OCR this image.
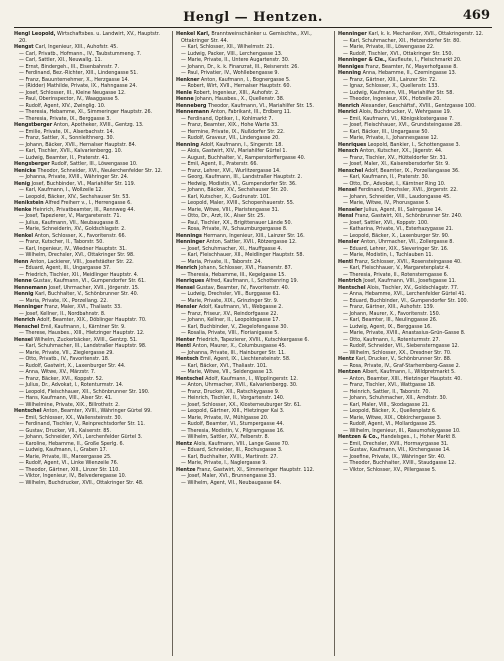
Hengl — Hentzen.	469
Hengl Leopold, Wirtschaftsbes. u. Landwirt, XV., Hauptstr. 20.
Hengst Carl, Ingenieur, XIII., Auhofstr. 45.
— Carl, Privatb., Hofmann., IV., Taubstummeng. 7.
— Carl, Sattler, XII., Neuwallg. 11.
— Ernst, Bindergeh., III., Eisenbahnstr. 7.
— Ferdinand, Bez.-Richter, XIII., Lindengasse 51.
— Franz, Bauunternehmer, X., Herzgasse 14.
— (Ridder) Mathilde, Private, IX., Hahngasse 24.
— Josef, Schlosser, III., Kleine Neugasse 12.
— Paul, Oberinspector, IV., Waaggasse 5.
— Rudolf, Agent, XIV., Zwinglig. 10.
— Theresia, Hebamme, XI., Simmeringer Hauptstr. 26.
— Theresia, Private, IX., Berggasse 3.
Hengstberger Anton, Apotheker, XVIII., Gentzg. 13.
— Emilie, Private, IX., Alserbachstr. 14.
— Franz, Sattler, X., Sonnleithnerg. 30.
— Johann, Bäcker, XVII., Hernalser Hauptstr. 84.
— Karl, Tischler, XVII., Kalvarienbergg. 10.
— Ludwig, Beamter, II., Praterstr. 41.
Hengsberger Rudolf, Sattler, III., Löwengasse 10.
Henicke Theodor, Schneider, XVI., Neulerchenfelder Str. 12.
— Johanna, Private, XVIII., Währinger Str. 24.
Henig Josef, Buchbinder, VI., Mariahilfer Str. 119.
— Karl, Kaufmann, I., Wollzeile 12.
— Leopold, Bäcker, XIV., Sechshauser Str. 53.
Henikstein Alfred Freiherr v., I., Herrengasse 6.
Henke Heinrich, Privatbeamter, III., Rennweg 44.
— Josef, Tapezierer, V., Margaretenstr. 71.
— Julius, Kaufmann, VII., Neubaugasse 8.
— Marie, Schneiderin, XV., Goldschlagstr. 2.
Henkel Anton, Schlosser, X., Favoritenstr. 66.
— Franz, Kutscher, II., Taborstr. 50.
— Karl, Ingenieur, IV., Wiedner Hauptstr. 31.
— Wilhelm, Drechsler, XVI., Ottakringer Str. 98.
Henn Anton, Lackierer, VIII., Josefstädter Str. 22.
— Eduard, Agent, III., Ungargasse 37.
— Friedrich, Tischler, XII., Meidlinger Hauptstr. 4.
Henne Gustav, Kaufmann, VI., Gumpendorfer Str. 61.
Hennemann Josef, Uhrmacher, XVII., Jörgerstr. 15.
Hennig Karl, Buchhalter, V., Schönbrunner Str. 40.
— Maria, Private, IX., Porzellang. 22.
Henninger Franz, Maler, XVI., Thaliastr. 33.
— Josef, Kellner, II., Nordbahnstr. 8.
Henrich Adolf, Beamter, XIX., Döblinger Hauptstr. 70.
Henschel Emil, Kaufmann, I., Kärntner Str. 9.
— Therese, Hausbes., XIII., Hietzinger Hauptstr. 12.
Hensel Wilhelm, Zuckerbäcker, XVIII., Gentzg. 51.
— Karl, Schuhmacher, III., Landstraßer Hauptstr. 98.
— Marie, Private, VII., Zieglergasse 29.
— Otto, Privatb., IV., Favoritenstr. 18.
— Rudolf, Gastwirt, X., Laxenburger Str. 44.
— Anna, Witwe, XV., Märzstr. 7.
— Franz, Bäcker, XVI., Koppstr. 52.
— Julius, Dr., Advokat, I., Rotenturmstr. 14.
— Leopold, Fleischhauer, XII., Schönbrunner Str. 190.
— Hans, Kaufmann, VIII., Alser Str. 41.
— Wilhelmine, Private, XIX., Billrothstr. 2.
Hentschel Anton, Beamter, XVIII., Währinger Gürtel 99.
— Emil, Schlosser, XX., Wallensteinstr. 30.
— Ferdinand, Tischler, V., Reinprechtsdorfer Str. 11.
— Gustav, Drucker, VII., Kaiserstr. 85.
— Johann, Schneider, XVI., Lerchenfelder Gürtel 3.
— Karoline, Hebamme, II., Große Sperlg. 6.
— Ludwig, Kaufmann, I., Graben 17.
— Marie, Private, III., Marxergasse 25.
— Rudolf, Agent, VI., Linke Wienzeile 76.
— Theodor, Gärtner, XIII., Linzer Str. 110.
— Viktor, Ingenieur, IV., Belvederegasse 10.
— Wilhelm, Buchdrucker, XVII., Ottakringer Str. 48.
Henkel Karl, Branntweinschänker u. Gemischtw., XVI., Ottakringer Str. 44.
— Karl, Schlosser, XII., Wilhelmstr. 21.
— Ludwig, Packer, VIII., Lerchengasse 13.
— Marie, Private, II., Untere Augartenstr. 30.
— Johann, Dr., k. k. Finanzrat, III., Reisnerstr. 26.
— Paul, Privatier, IV., Wohllebengasse 9.
Henkner Anton, Kaufmann, I., Bognergasse 5.
— Robert, Wirt, XVII., Hernalser Hauptstr. 60.
Henle Robert, Ingenieur, XIII., Auhofstr. 2.
Henne Johann, Hausbes., X., Quellenstr. 38.
Henneberg Theodor, Kaufmann, VI., Mariahilfer Str. 15.
Hennemann Anton, Fabrikant, III., Erdberg 11.
— Ferdinand, Optiker, I., Kohlmarkt 7.
— Franz, Beamter, XIX., Hohe Warte 33.
— Hermine, Private, IX., Nußdorfer Str. 22.
— Rudolf, Graveur, VII., Lindengasse 20.
Henning Adolf, Kaufmann, I., Singerstr. 18.
— Alois, Gastwirt, XIV., Mariahilfer Gürtel 1.
— August, Buchhalter, V., Ramperstorffergasse 40.
— Emil, Agent, II., Praterstr. 66.
— Franz, Lehrer, XVI., Wurlitzergasse 14.
— Georg, Kaufmann, III., Landstraßer Hauptstr. 2.
— Hedwig, Modistin, VI., Gumpendorfer Str. 36.
— Johann, Bäcker, XV., Sechshauser Str. 20.
— Karl, Kutscher, X., Gudrunstr. 101.
— Leopold, Maler, XVIII., Schopenhauerstr. 55.
— Marie, Witwe, VIII., Piaristengasse 31.
— Otto, Dr., Arzt, IX., Alser Str. 25.
— Paul, Tischler, XX., Brigittenauer Lände 50.
— Rosa, Private, IV., Schaumburgergasse 8.
Hennings Hermann, Ingenieur, XIII., Lainzer Str. 16.
Henninger Anton, Sattler, XVII., Rötzergasse 12.
— Josef, Schuhmacher, XI., Hauffgasse 4.
— Karl, Fleischhauer, XII., Meidlinger Hauptstr. 58.
— Maria, Private, II., Taborstr. 24.
Henrich Johann, Schlosser, XVI., Hasnerstr. 87.
— Theresia, Hebamme, III., Kegelgasse 15.
Henriques Alfred, Kaufmann, I., Schottenring 19.
Hensel Gustav, Beamter, IV., Favoritenstr. 40.
— Ludwig, Drechsler, VII., Burggasse 61.
— Marie, Private, XIX., Grinzinger Str. 9.
Hensler Adolf, Kaufmann, VI., Webgasse 2.
— Franz, Friseur, XV., Reindorfgasse 22.
— Johann, Kellner, II., Leopoldsgasse 17.
— Karl, Buchbinder, V., Ziegelofengasse 30.
— Rosalia, Private, VIII., Florianigasse 5.
Henter Friedrich, Tapezierer, XVIII., Kutschkergasse 6.
Hentl Anton, Maurer, X., Columbusgasse 45.
— Johanna, Private, III., Hainburger Str. 11.
Hentsch Emil, Agent, IX., Liechtensteinstr. 58.
— Karl, Bäcker, XVI., Thaliastr. 101.
— Marie, Witwe, VII., Seidengasse 13.
Hentschel Adolf, Kaufmann, I., Wipplingerstr. 12.
— Anton, Uhrmacher, XVII., Kalvarienbergg. 30.
— Franz, Drucker, XII., Ratschkygasse 9.
— Heinrich, Tischler, II., Vorgartenstr. 140.
— Josef, Schlosser, XX., Klosterneuburger Str. 61.
— Leopold, Gärtner, XIII., Hietzinger Kai 3.
— Marie, Private, IV., Mühlgasse 20.
— Rudolf, Beamter, VI., Stumpergasse 44.
— Theresia, Modistin, V., Pilgramgasse 16.
— Wilhelm, Sattler, XV., Felberstr. 8.
Hentz Alois, Kaufmann, VIII., Lange Gasse 70.
— Eduard, Schneider, III., Rochusgasse 3.
— Karl, Buchhalter, XVIII., Martinstr. 27.
— Marie, Private, I., Naglergasse 9.
Hentze Franz, Gastwirt, XI., Simmeringer Hauptstr. 112.
— Josef, Maler, XVI., Brunnengasse 33.
— Wilhelm, Agent, VII., Neubaugasse 64.
Henninger Karl, k. k. Mechaniker, XVII., Ottakringerstr. 12.
— Karl, Schuhmacher, XII., Hetzendorfer Str. 80.
— Marie, Private, III., Löwengasse 22.
— Rudolf, Tischler, XVI., Ottakringer Str. 150.
Henninger & Cie., Kaufleute, I., Fleischmarkt 20.
Henniges Franz, Beamter, IV., Mayerhofgasse 8.
Henning Anna, Hebamme, II., Czerningasse 13.
— Franz, Gärtner, XIII., Lainzer Str. 72.
— Ignaz, Schlosser, X., Quellenstr. 133.
— Ludwig, Kaufmann, VII., Mariahilfer Str. 58.
— Theodor, Ingenieur, XIX., Hofzeile 20.
Henrich Alexander, Geschäftsf., XVIII., Gentzgasse 100.
Henrici Alois, Buchdrucker, V., Wehrgasse 19.
— Emil, Kaufmann, VI., Königsklostergasse 7.
— Josef, Fleischhauer, XVI., Grundsteingasse 28.
— Karl, Bäcker, III., Ungargasse 50.
— Marie, Private, I., Johannesgasse 12.
Henriques Leopold, Bankier, I., Schottengasse 3.
Hensch Anton, Kutscher, XX., Jägerstr. 44.
— Franz, Tischler, XV., Hütteldorfer Str. 31.
— Josef, Maler, XI., Kaiserebersdorfer Str. 9.
Henschel Adolf, Beamter, IX., Porzellangasse 36.
— Karl, Kaufmann, II., Praterstr. 30.
— Otto, Dr., Advokat, I., Kärntner Ring 10.
Hensel Ferdinand, Drechsler, XVII., Jörgerstr. 22.
— Johann, Schneider, VIII., Laudongasse 45.
— Marie, Witwe, IV., Phorusgasse 5.
Henseler Julius, Agent, III., Salmgasse 14.
Hensl Franz, Gastwirt, XII., Schönbrunner Str. 240.
— Josef, Sattler, XVI., Koppstr. 100.
— Katharina, Private, VI., Esterhazygasse 21.
— Leopold, Bäcker, X., Laxenburger Str. 90.
Hensler Anton, Uhrmacher, VII., Zollergasse 8.
— Eduard, Lehrer, XIX., Sieveringer Str. 16.
— Marie, Modistin, I., Tuchlauben 11.
Hentl Franz, Schlosser, XVII., Rosensteingasse 40.
— Karl, Fleischhauer, V., Margaretenplatz 4.
— Theresia, Private, II., Rotensterngasse 6.
Hentrich Josef, Kaufmann, VIII., Josefsgasse 11.
Hentschel Alois, Tischler, XV., Goldschlagstr. 77.
— Anna, Hebamme, XVI., Lerchenfelder Gürtel 41.
— Eduard, Buchbinder, VI., Gumpendorfer Str. 100.
— Franz, Gärtner, XIII., Auhofstr. 139.
— Johann, Maurer, X., Favoritenstr. 150.
— Karl, Beamter, III., Neulinggasse 26.
— Ludwig, Agent, IX., Berggasse 16.
— Marie, Private, XVIII., Anastasius-Grün-Gasse 8.
— Otto, Kaufmann, I., Rotenturmstr. 27.
— Rudolf, Schneider, VII., Siebensterngasse 12.
— Wilhelm, Schlosser, XX., Dresdner Str. 70.
Hentz Karl, Drucker, V., Schönbrunner Str. 88.
— Rosa, Private, IV., Graf-Starhemberg-Gasse 2.
Hentzen Albert, Kaufmann, I., Wildpretmarkt 5.
— Anton, Beamter, XIII., Hietzinger Hauptstr. 40.
— Franz, Tischler, XVI., Wattgasse 18.
— Heinrich, Sattler, II., Taborstr. 70.
— Johann, Schuhmacher, XII., Arndtstr. 30.
— Karl, Maler, VIII., Skodagasse 21.
— Leopold, Bäcker, X., Quellenplatz 6.
— Marie, Witwe, XIX., Obkirchergasse 3.
— Rudolf, Agent, VI., Mollardgasse 25.
— Wilhelm, Ingenieur, III., Rasumofskygasse 10.
Hentzen & Co., Handelsges., I., Hoher Markt 8.
— Emil, Drechsler, XVII., Hormayrgasse 31.
— Gustav, Kaufmann, VII., Kirchengasse 14.
— Josefine, Private, IX., Währinger Str. 40.
— Theodor, Buchhalter, XVIII., Staudgasse 12.
— Viktor, Schlosser, XV., Pillergasse 5.
